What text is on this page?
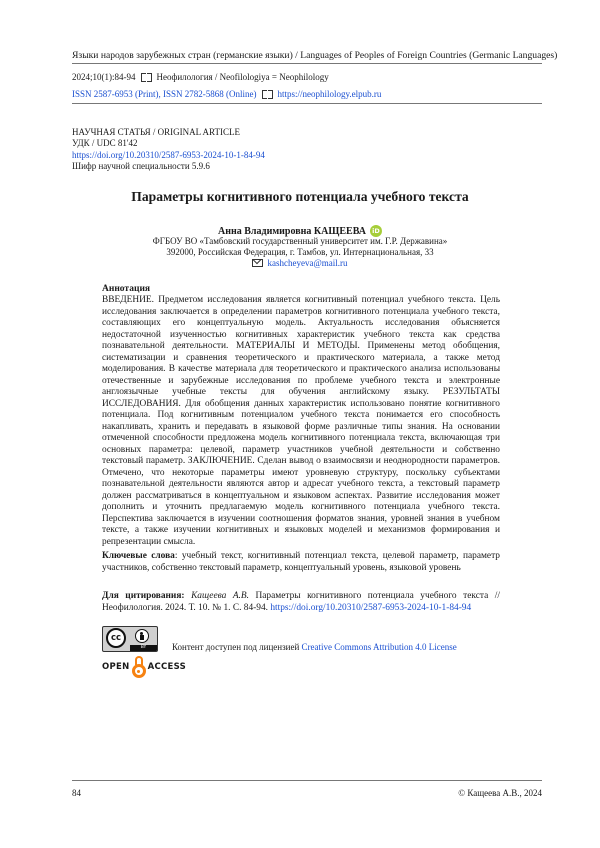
Языки народов зарубежных стран (германские языки) / Languages of Peoples of Foreign Countries (Germanic Languages)
2024;10(1):84-94 Неофилология / Neofilologiya = Neophilology
ISSN 2587-6953 (Print), ISSN 2782-5868 (Online) https://neophilology.elpub.ru
НАУЧНАЯ СТАТЬЯ / ORIGINAL ARTICLE
УДК / UDC 81'42
https://doi.org/10.20310/2587-6953-2024-10-1-84-94
Шифр научной специальности 5.9.6
Параметры когнитивного потенциала учебного текста
Анна Владимировна КАЩЕЕВА iD
ФГБОУ ВО «Тамбовский государственный университет им. Г.Р. Державина»
392000, Российская Федерация, г. Тамбов, ул. Интернациональная, 33
kashcheyeva@mail.ru
Аннотация
ВВЕДЕНИЕ. Предметом исследования является когнитивный потенциал учебного текста. Цель исследования заключается в определении параметров когнитивного потенциала учебного текста, составляющих его концептуальную модель. Актуальность исследования объясняется недостаточной изученностью когнитивных характеристик учебного текста как средства познавательной деятельности. МАТЕРИАЛЫ И МЕТОДЫ. Применены метод обобщения, систематизации и сравнения теоретического и практического материала, а также метод моделирования. В качестве материала для теоретического и практического анализа использованы отечественные и зарубежные исследования по проблеме учебного текста и электронные англоязычные учебные тексты для обучения английскому языку. РЕЗУЛЬТАТЫ ИССЛЕДОВАНИЯ. Для обобщения данных характеристик использовано понятие когнитивного потенциала. Под когнитивным потенциалом учебного текста понимается его способность накапливать, хранить и передавать в языковой форме различные типы знания. На основании отмеченной способности предложена модель когнитивного потенциала текста, включающая три основных параметра: целевой, параметр участников учебной деятельности и собственно текстовый параметр. ЗАКЛЮЧЕНИЕ. Сделан вывод о взаимосвязи и неоднородности параметров. Отмечено, что некоторые параметры имеют уровневую структуру, поскольку субъектами познавательной деятельности являются автор и адресат учебного текста, а текстовый параметр должен рассматриваться в концептуальном и языковом аспектах. Развитие исследования может дополнить и уточнить предлагаемую модель когнитивного потенциала учебного текста. Перспектива заключается в изучении соотношения форматов знания, уровней знания в учебном тексте, а также изучении когнитивных и языковых моделей и механизмов формирования и репрезентации смысла.
Ключевые слова: учебный текст, когнитивный потенциал текста, целевой параметр, параметр участников, собственно текстовый параметр, концептуальный уровень, языковой уровень
Для цитирования: Кащеева А.В. Параметры когнитивного потенциала учебного текста // Неофилология. 2024. Т. 10. № 1. С. 84-94. https://doi.org/10.20310/2587-6953-2024-10-1-84-94
cc
BY	Контент доступен под лицензией Creative Commons Attribution 4.0 License
OPEN ACCESS
84	© Кащеева А.В., 2024
